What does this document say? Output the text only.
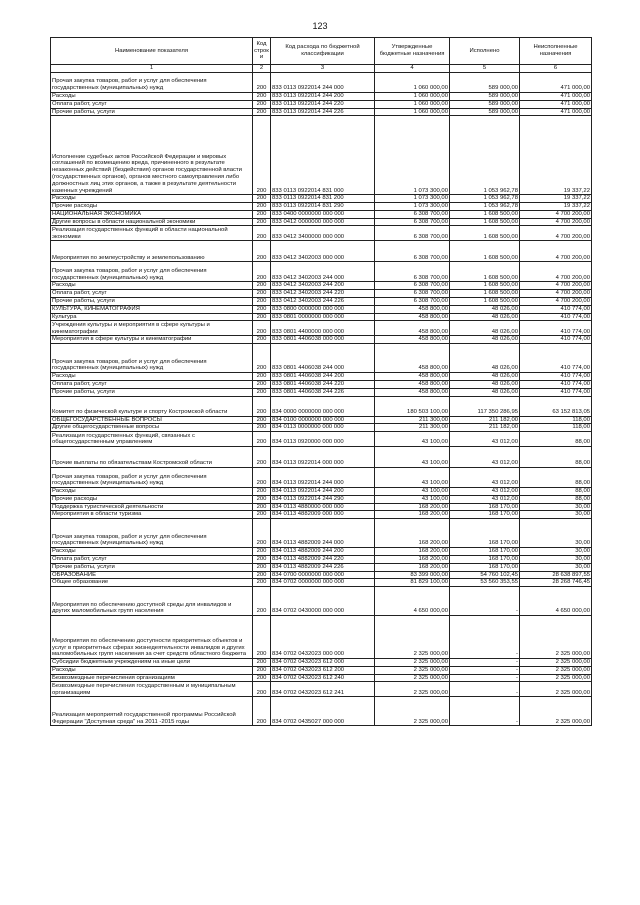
123
Наименование показателя	Код строк и	Код расхода по бюджетной классификации	Утвержденные бюджетные назначения	Исполнено	Неисполненные назначения
1	2	3	4	5	6
Прочая закупка товаров, работ и услуг для обеспечения государственных (муниципальных) нужд	200	833 0113 0922014 244 000	1 060 000,00	589 000,00	471 000,00
Расходы	200	833 0113 0922014 244 200	1 060 000,00	589 000,00	471 000,00
Оплата работ, услуг	200	833 0113 0922014 244 220	1 060 000,00	589 000,00	471 000,00
Прочие работы, услуги	200	833 0113 0922014 244 226	1 060 000,00	589 000,00	471 000,00
Исполнение судебных актов Российской Федерации и мировых соглашений по возмещению вреда, причиненного в результате незаконных действий (бездействия) органов государственной власти (государственных органов), органов местного самоуправления либо должностных лиц этих органов, а также в результате деятельности казенных учреждений	200	833 0113 0922014 831 000	1 073 300,00	1 053 962,78	19 337,22
Расходы	200	833 0113 0922014 831 200	1 073 300,00	1 053 962,78	19 337,22
Прочие расходы	200	833 0113 0922014 831 290	1 073 300,00	1 053 962,78	19 337,22
НАЦИОНАЛЬНАЯ ЭКОНОМИКА	200	833 0400 0000000 000 000	6 308 700,00	1 608 500,00	4 700 200,00
Другие вопросы в области национальной экономики	200	833 0412 0000000 000 000	6 308 700,00	1 608 500,00	4 700 200,00
Реализация государственных функций в области национальной экономики	200	833 0412 3400000 000 000	6 308 700,00	1 608 500,00	4 700 200,00
Мероприятия по землеустройству и землепользованию	200	833 0412 3402003 000 000	6 308 700,00	1 608 500,00	4 700 200,00
Прочая закупка товаров, работ и услуг для обеспечения государственных (муниципальных) нужд	200	833 0412 3402003 244 000	6 308 700,00	1 608 500,00	4 700 200,00
Расходы	200	833 0412 3402003 244 200	6 308 700,00	1 608 500,00	4 700 200,00
Оплата работ, услуг	200	833 0412 3402003 244 220	6 308 700,00	1 608 500,00	4 700 200,00
Прочие работы, услуги	200	833 0412 3402003 244 226	6 308 700,00	1 608 500,00	4 700 200,00
КУЛЬТУРА, КИНЕМАТОГРАФИЯ	200	833 0800 0000000 000 000	458 800,00	48 026,00	410 774,00
Культура	200	833 0801 0000000 000 000	458 800,00	48 026,00	410 774,00
Учреждения культуры и мероприятия в сфере культуры и кинематографии	200	833 0801 4400000 000 000	458 800,00	48 026,00	410 774,00
Мероприятия в сфере культуры и кинематографии	200	833 0801 4406038 000 000	458 800,00	48 026,00	410 774,00
Прочая закупка товаров, работ и услуг для обеспечения государственных (муниципальных) нужд	200	833 0801 4406038 244 000	458 800,00	48 026,00	410 774,00
Расходы	200	833 0801 4406038 244 200	458 800,00	48 026,00	410 774,00
Оплата работ, услуг	200	833 0801 4406038 244 220	458 800,00	48 026,00	410 774,00
Прочие работы, услуги	200	833 0801 4406038 244 226	458 800,00	48 026,00	410 774,00
Комитет по физической культуре и спорту Костромской области	200	834 0000 0000000 000 000	180 503 100,00	117 350 286,95	63 152 813,05
ОБЩЕГОСУДАРСТВЕННЫЕ ВОПРОСЫ	200	834 0100 0000000 000 000	211 300,00	211 182,00	118,00
Другие общегосударственные вопросы	200	834 0113 0000000 000 000	211 300,00	211 182,00	118,00
Реализация государственных функций, связанных с общегосударственным управлением	200	834 0113 0920000 000 000	43 100,00	43 012,00	88,00
Прочие выплаты по обязательствам Костромской области	200	834 0113 0922014 000 000	43 100,00	43 012,00	88,00
Прочая закупка товаров, работ и услуг для обеспечения государственных (муниципальных) нужд	200	834 0113 0922014 244 000	43 100,00	43 012,00	88,00
Расходы	200	834 0113 0922014 244 200	43 100,00	43 012,00	88,00
Прочие расходы	200	834 0113 0922014 244 290	43 100,00	43 012,00	88,00
Поддержка туристической деятельности	200	834 0113 4880000 000 000	168 200,00	168 170,00	30,00
Мероприятия в области туризма	200	834 0113 4882009 000 000	168 200,00	168 170,00	30,00
Прочая закупка товаров, работ и услуг для обеспечения государственных (муниципальных) нужд	200	834 0113 4882009 244 000	168 200,00	168 170,00	30,00
Расходы	200	834 0113 4882009 244 200	168 200,00	168 170,00	30,00
Оплата работ, услуг	200	834 0113 4882009 244 220	168 200,00	168 170,00	30,00
Прочие работы, услуги	200	834 0113 4882009 244 226	168 200,00	168 170,00	30,00
ОБРАЗОВАНИЕ	200	834 0700 0000000 000 000	83 399 000,00	54 760 102,45	28 638 897,55
Общее образование	200	834 0702 0000000 000 000	81 829 100,00	53 560 353,55	28 268 746,45
Мероприятия по обеспечению доступной среды для инвалидов и других маломобильных групп населения	200	834 0702 0430000 000 000	4 650 000,00	-	4 650 000,00
Мероприятия по обеспечению доступности приоритетных объектов и услуг в приоритетных сферах жизнедеятельности инвалидов и других маломобильных групп населения за счет средств областного бюджета	200	834 0702 0432023 000 000	2 325 000,00	-	2 325 000,00
Субсидии бюджетным учреждениям на иные цели	200	834 0702 0432023 612 000	2 325 000,00	-	2 325 000,00
Расходы	200	834 0702 0432023 612 200	2 325 000,00	-	2 325 000,00
Безвозмездные перечисления организациям	200	834 0702 0432023 612 240	2 325 000,00	-	2 325 000,00
Безвозмездные перечисления государственным и муниципальным организациям	200	834 0702 0432023 612 241	2 325 000,00	-	2 325 000,00
Реализация мероприятий государственной программы Российской Федерации "Доступная среда" на 2011 -2015 годы	200	834 0702 0435027 000 000	2 325 000,00	-	2 325 000,00
